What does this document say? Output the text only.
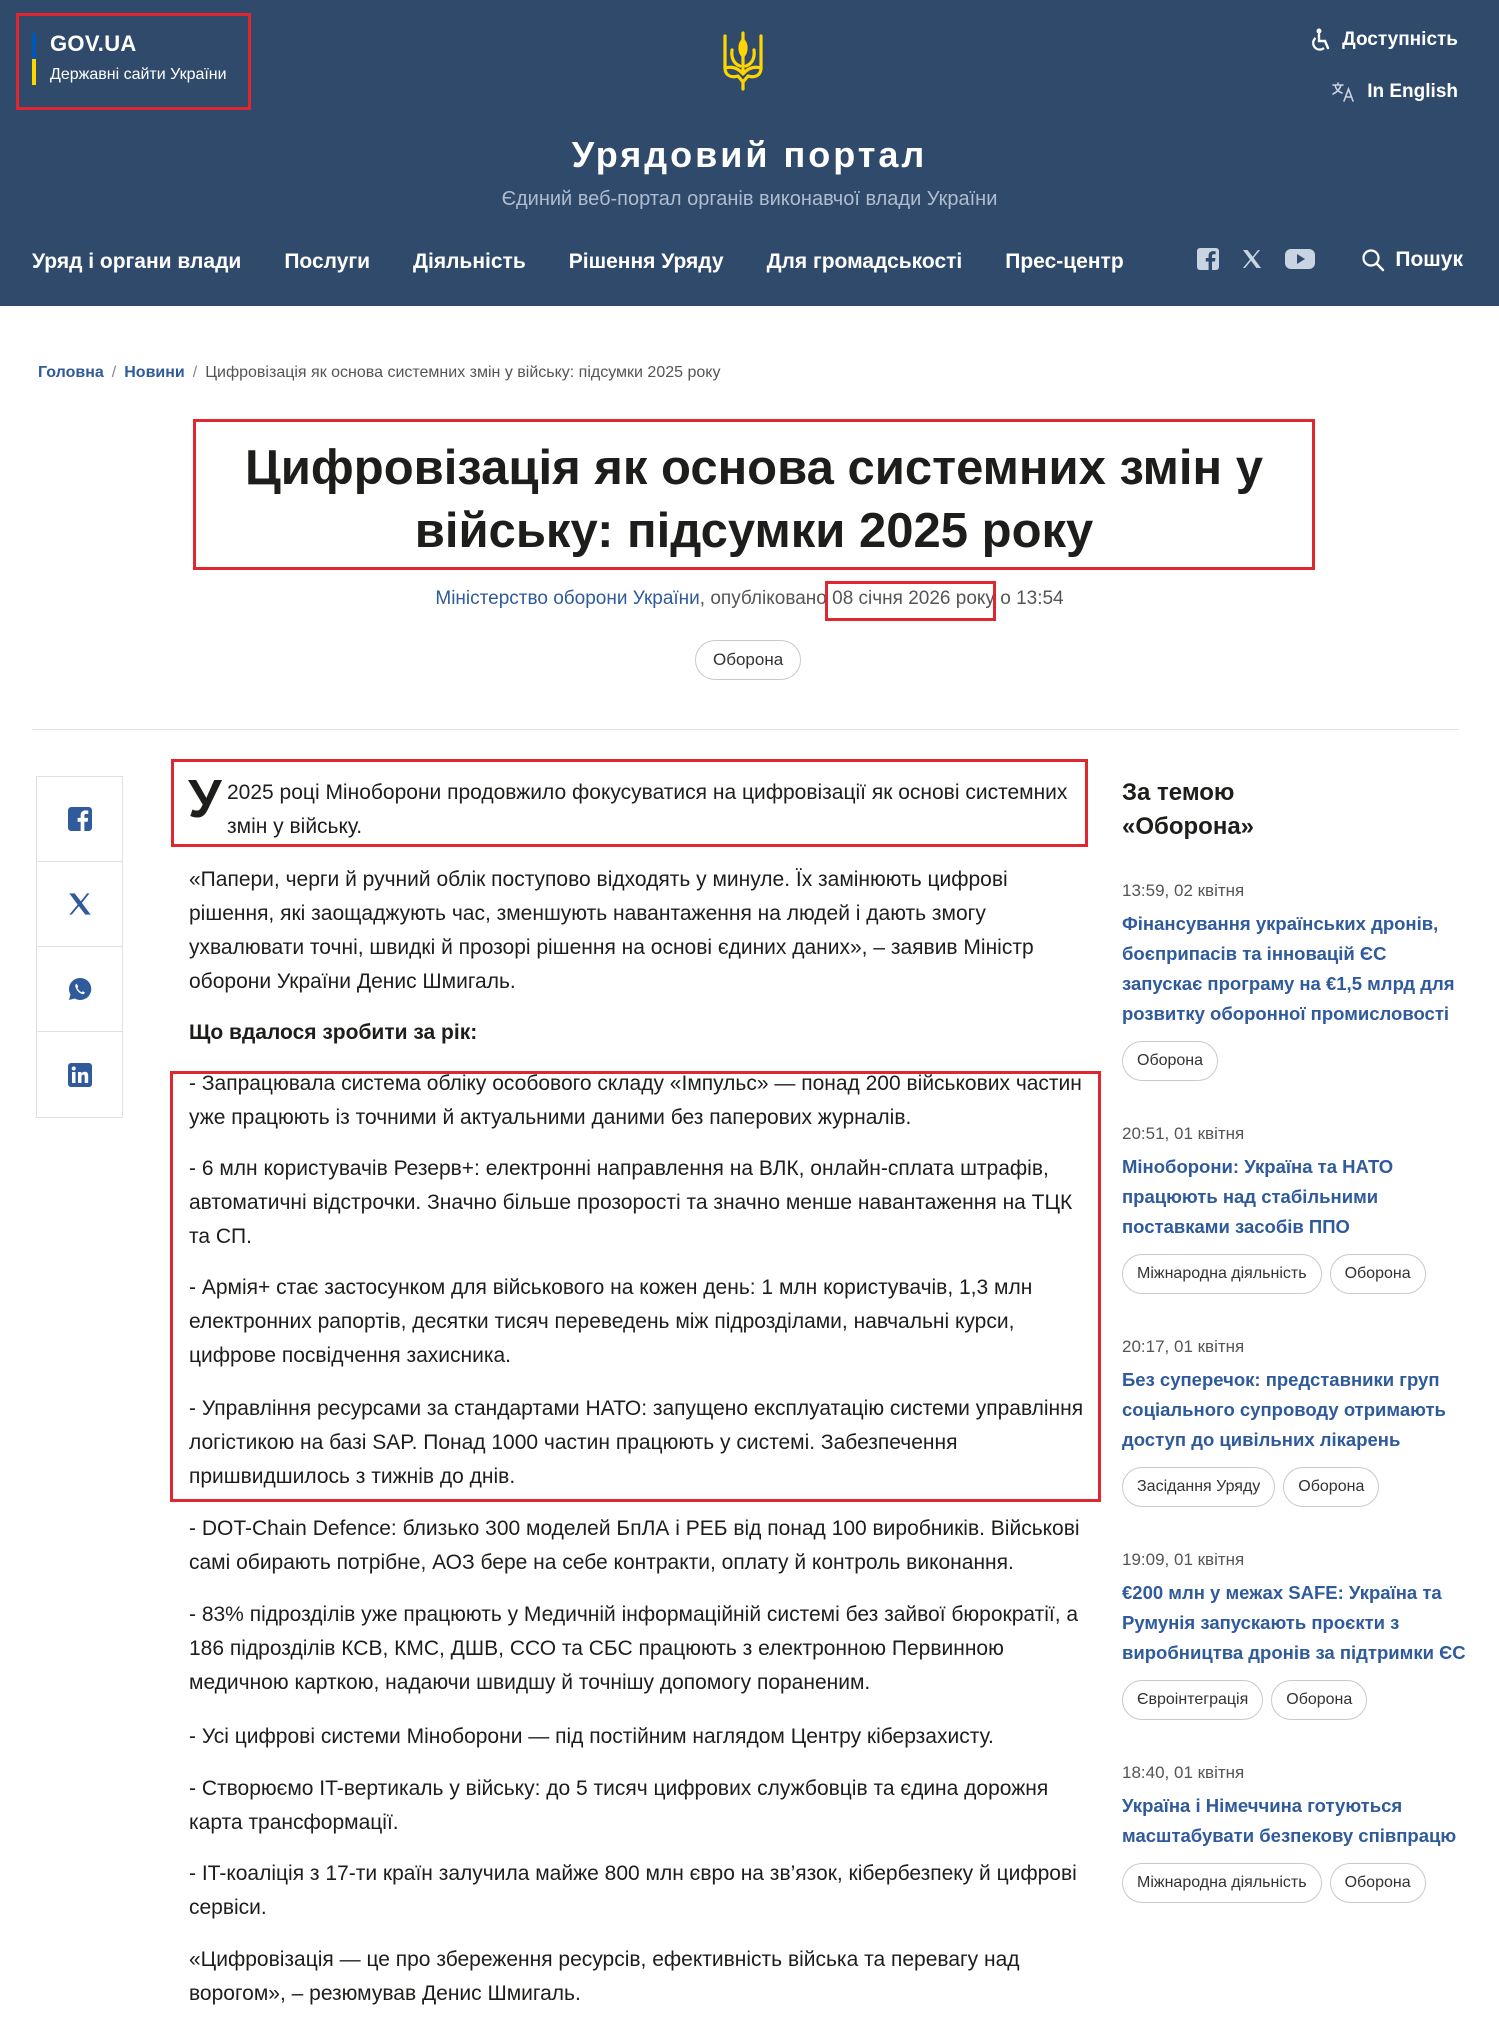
GOV.UA
Державні сайти України
Доступність
In English
Урядовий портал
Єдиний веб-портал органів виконавчої влади України
Уряд і органи влади Послуги Діяльність Рішення Уряду Для громадськості Прес-центр	Пошук
Головна / Новини / Цифровізація як основа системних змін у війську: підсумки 2025 року
Цифровізація як основа системних змін у війську: підсумки 2025 року
Міністерство оборони України, опубліковано 08 січня 2026 року о 13:54
Оборона
У 2025 році Міноборони продовжило фокусуватися на цифровізації як основі системних змін у війську.

«Папери, черги й ручний облік поступово відходять у минуле. Їх замінюють цифрові рішення, які заощаджують час, зменшують навантаження на людей і дають змогу ухвалювати точні, швидкі й прозорі рішення на основі єдиних даних», – заявив Міністр оборони України Денис Шмигаль.

Що вдалося зробити за рік:

- Запрацювала система обліку особового складу «Імпульс» — понад 200 військових частин уже працюють із точними й актуальними даними без паперових журналів.

- 6 млн користувачів Резерв+: електронні направлення на ВЛК, онлайн-сплата штрафів, автоматичні відстрочки. Значно більше прозорості та значно менше навантаження на ТЦК та СП.

- Армія+ стає застосунком для військового на кожен день: 1 млн користувачів, 1,3 млн електронних рапортів, десятки тисяч переведень між підрозділами, навчальні курси, цифрове посвідчення захисника.

- Управління ресурсами за стандартами НАТО: запущено експлуатацію системи управління логістикою на базі SAP. Понад 1000 частин працюють у системі. Забезпечення пришвидшилось з тижнів до днів.

- DOT-Chain Defence: близько 300 моделей БпЛА і РЕБ від понад 100 виробників. Військові самі обирають потрібне, АОЗ бере на себе контракти, оплату й контроль виконання.

- 83% підрозділів уже працюють у Медичній інформаційній системі без зайвої бюрократії, а 186 підрозділів КСВ, КМС, ДШВ, ССО та СБС працюють з електронною Первинною медичною карткою, надаючи швидшу й точнішу допомогу пораненим.

- Усі цифрові системи Міноборони — під постійним наглядом Центру кіберзахисту.

- Створюємо IT-вертикаль у війську: до 5 тисяч цифрових службовців та єдина дорожня карта трансформації.

- IT-коаліція з 17-ти країн залучила майже 800 млн євро на зв’язок, кібербезпеку й цифрові сервіси.

«Цифровізація — це про збереження ресурсів, ефективність війська та перевагу над ворогом», – резюмував Денис Шмигаль.

За темою «Оборона»
13:59, 02 квітня
Фінансування українських дронів, боєприпасів та інновацій ЄС запускає програму на €1,5 млрд для розвитку оборонної промисловості
Оборона
20:51, 01 квітня
Міноборони: Україна та НАТО працюють над стабільними поставками засобів ППО
Міжнародна діяльність	Оборона
20:17, 01 квітня
Без суперечок: представники груп соціального супроводу отримають доступ до цивільних лікарень
Засідання Уряду	Оборона
19:09, 01 квітня
€200 млн у межах SAFE: Україна та Румунія запускають проєкти з виробництва дронів за підтримки ЄС
Євроінтеграція	Оборона
18:40, 01 квітня
Україна і Німеччина готуються масштабувати безпекову співпрацю
Міжнародна діяльність	Оборона
